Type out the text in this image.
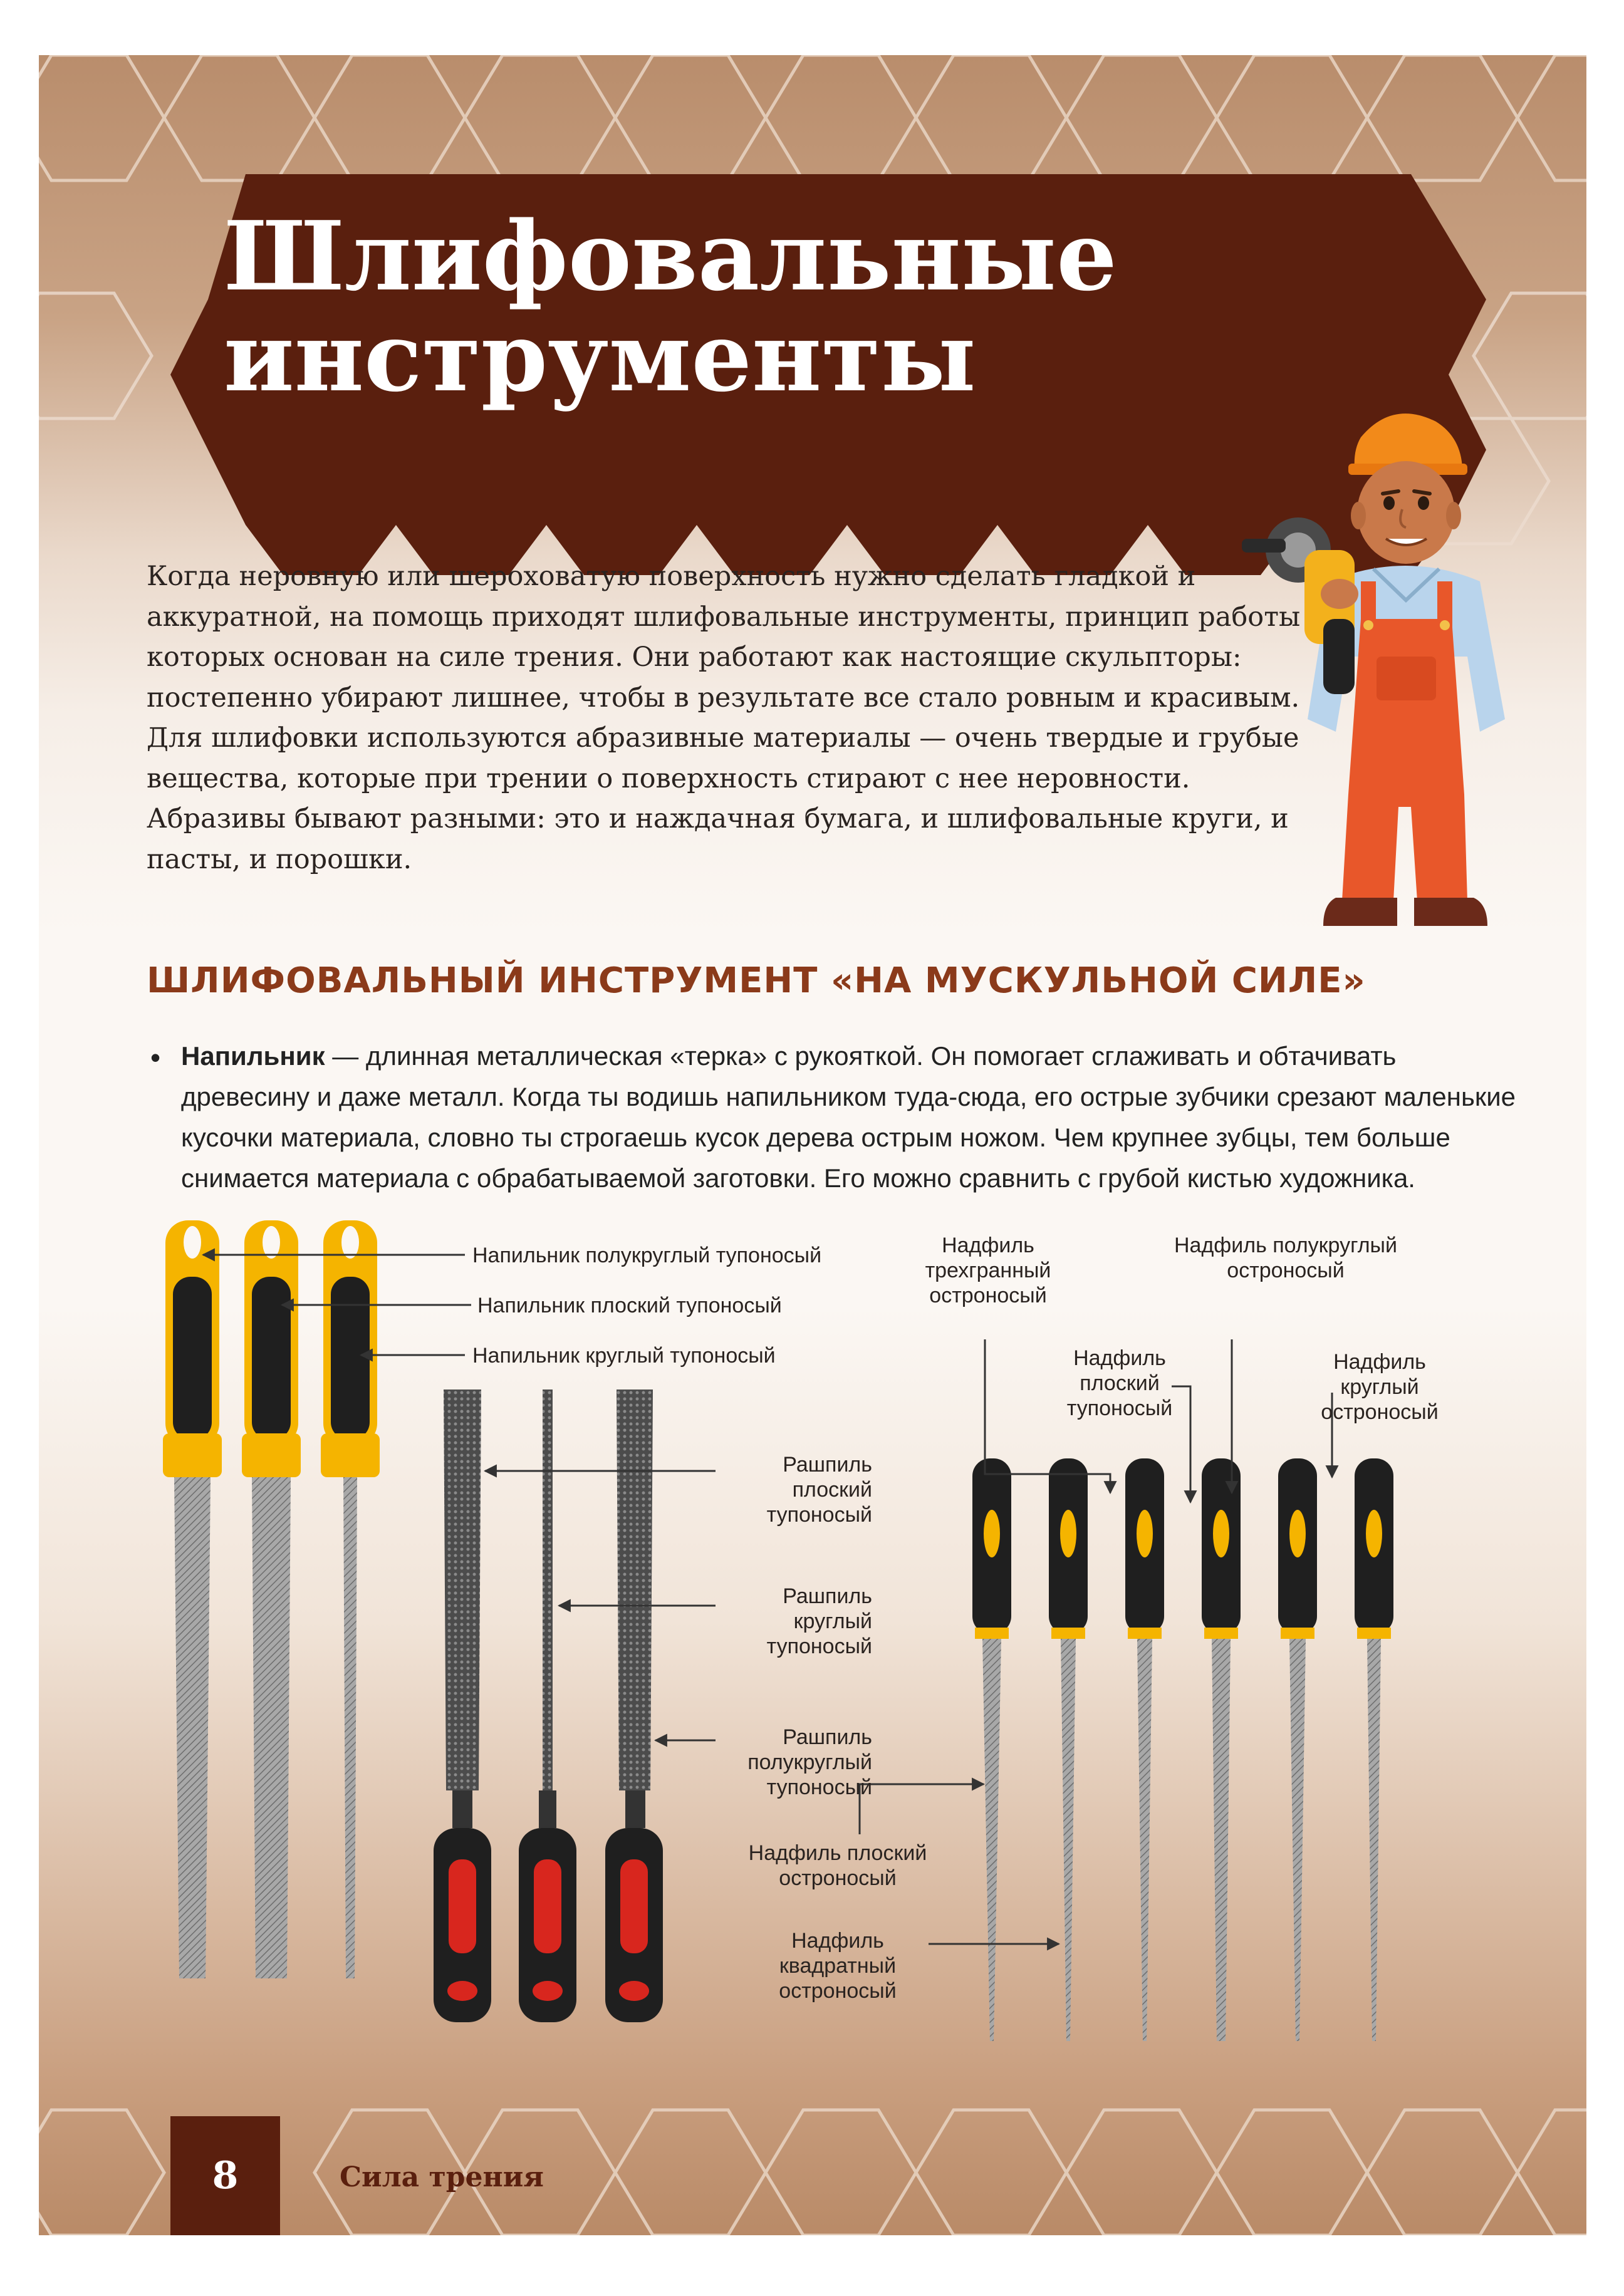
Шлифовальные
инструменты

Когда неровную или шероховатую поверхность нужно сделать гладкой и аккуратной, на помощь приходят шлифовальные инструменты, принцип работы которых основан на силе трения. Они работают как настоящие скульпторы: постепенно убирают лишнее, чтобы в результате все стало ровным и красивым. Для шлифовки используются абразивные материалы — очень твердые и грубые вещества, которые при трении о поверхность стирают с нее неровности. Абразивы бывают разными: это и наждачная бумага, и шлифовальные круги, и пасты, и порошки.

ШЛИФОВАЛЬНЫЙ ИНСТРУМЕНТ «НА МУСКУЛЬНОЙ СИЛЕ»
• Напильник — длинная металлическая «терка» с рукояткой. Он помогает сглаживать и обтачивать древесину и даже металл. Когда ты водишь напильником туда-сюда, его острые зубчики срезают маленькие кусочки материала, словно ты строгаешь кусок дерева острым ножом. Чем крупнее зубцы, тем больше снимается материала с обрабатываемой заготовки. Его можно сравнить с грубой кистью художника.

Напильник полукруглый тупоносый

Напильник плоский тупоносый

Напильник круглый тупоносый

Рашпиль плоский тупоносый

Рашпиль круглый тупоносый

Рашпиль полукруглый тупоносый

Надфиль трехгранный остроносый

Надфиль плоский тупоносый

Надфиль полукруглый остроносый

Надфиль круглый остроносый

Надфиль плоский остроносый

Надфиль квадратный остроносый

8	Сила трения
